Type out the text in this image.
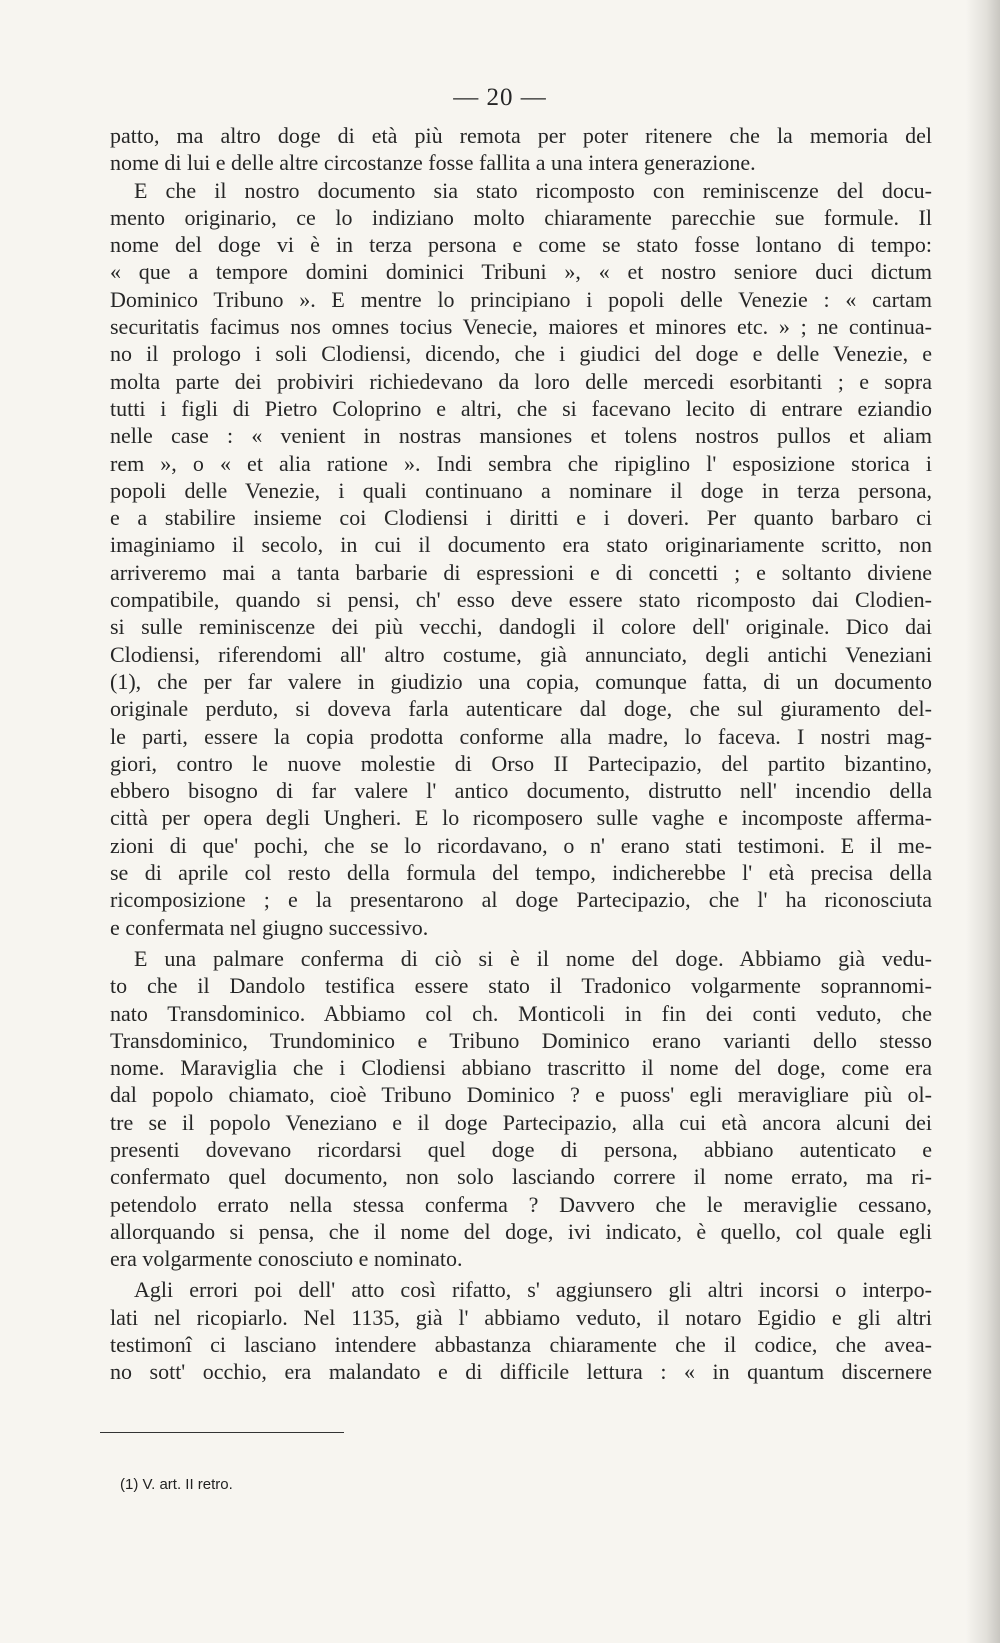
— 20 —
patto, ma altro doge di età più remota per poter ritenere che la memoria del
nome di lui e delle altre circostanze fosse fallita a una intera generazione.
E che il nostro documento sia stato ricomposto con reminiscenze del docu-
mento originario, ce lo indiziano molto chiaramente parecchie sue formule. Il
nome del doge vi è in terza persona e come se stato fosse lontano di tempo:
« que a tempore domini dominici Tribuni », « et nostro seniore duci dictum
Dominico Tribuno ». E mentre lo principiano i popoli delle Venezie : « cartam
securitatis facimus nos omnes tocius Venecie, maiores et minores etc. » ; ne continua-
no il prologo i soli Clodiensi, dicendo, che i giudici del doge e delle Venezie, e
molta parte dei probiviri richiedevano da loro delle mercedi esorbitanti ; e sopra
tutti i figli di Pietro Coloprino e altri, che si facevano lecito di entrare eziandio
nelle case : « venient in nostras mansiones et tolens nostros pullos et aliam
rem », o « et alia ratione ». Indi sembra che ripiglino l' esposizione storica i
popoli delle Venezie, i quali continuano a nominare il doge in terza persona,
e a stabilire insieme coi Clodiensi i diritti e i doveri. Per quanto barbaro ci
imaginiamo il secolo, in cui il documento era stato originariamente scritto, non
arriveremo mai a tanta barbarie di espressioni e di concetti ; e soltanto diviene
compatibile, quando si pensi, ch' esso deve essere stato ricomposto dai Clodien-
si sulle reminiscenze dei più vecchi, dandogli il colore dell' originale. Dico dai
Clodiensi, riferendomi all' altro costume, già annunciato, degli antichi Veneziani
(1), che per far valere in giudizio una copia, comunque fatta, di un documento
originale perduto, si doveva farla autenticare dal doge, che sul giuramento del-
le parti, essere la copia prodotta conforme alla madre, lo faceva. I nostri mag-
giori, contro le nuove molestie di Orso II Partecipazio, del partito bizantino,
ebbero bisogno di far valere l' antico documento, distrutto nell' incendio della
città per opera degli Ungheri. E lo ricomposero sulle vaghe e incomposte afferma-
zioni di que' pochi, che se lo ricordavano, o n' erano stati testimoni. E il me-
se di aprile col resto della formula del tempo, indicherebbe l' età precisa della
ricomposizione ; e la presentarono al doge Partecipazio, che l' ha riconosciuta
e confermata nel giugno successivo.
E una palmare conferma di ciò si è il nome del doge. Abbiamo già vedu-
to che il Dandolo testifica essere stato il Tradonico volgarmente soprannomi-
nato Transdominico. Abbiamo col ch. Monticoli in fin dei conti veduto, che
Transdominico, Trundominico e Tribuno Dominico erano varianti dello stesso
nome. Maraviglia che i Clodiensi abbiano trascritto il nome del doge, come era
dal popolo chiamato, cioè Tribuno Dominico ? e puoss' egli meravigliare più ol-
tre se il popolo Veneziano e il doge Partecipazio, alla cui età ancora alcuni dei
presenti dovevano ricordarsi quel doge di persona, abbiano autenticato e
confermato quel documento, non solo lasciando correre il nome errato, ma ri-
petendolo errato nella stessa conferma ? Davvero che le meraviglie cessano,
allorquando si pensa, che il nome del doge, ivi indicato, è quello, col quale egli
era volgarmente conosciuto e nominato.
Agli errori poi dell' atto così rifatto, s' aggiunsero gli altri incorsi o interpo-
lati nel ricopiarlo. Nel 1135, già l' abbiamo veduto, il notaro Egidio e gli altri
testimonî ci lasciano intendere abbastanza chiaramente che il codice, che avea-
no sott' occhio, era malandato e di difficile lettura : « in quantum discernere
(1) V. art. II retro.
